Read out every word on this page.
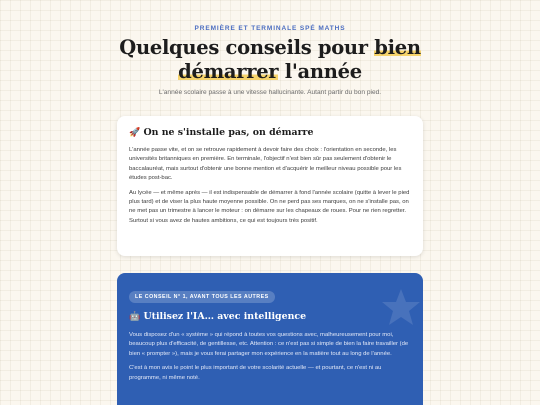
PREMIÈRE ET TERMINALE SPÉ MATHS
Quelques conseils pour bien
démarrer l'année
L'année scolaire passe à une vitesse hallucinante. Autant partir du bon pied.
🚀 On ne s'installe pas, on démarre

L'année passe vite, et on se retrouve rapidement à devoir faire des choix : l'orientation en seconde, les universités britanniques en première. En terminale, l'objectif n'est bien sûr pas seulement d'obtenir le baccalauréat, mais surtout d'obtenir une bonne mention et d'acquérir le meilleur niveau possible pour les études post-bac.

Au lycée — et même après — il est indispensable de démarrer à fond l'année scolaire (quitte à lever le pied plus tard) et de viser la plus haute moyenne possible. On ne perd pas ses marques, on ne s'installe pas, on ne met pas un trimestre à lancer le moteur : on démarre sur les chapeaux de roues. Pour ne rien regretter. Surtout si vous avez de hautes ambitions, ce qui est toujours très positif.

LE CONSEIL N° 1, AVANT TOUS LES AUTRES
🤖 Utilisez l'IA… avec intelligence

Vous disposez d'un « système » qui répond à toutes vos questions avec, malheureusement pour moi, beaucoup plus d'efficacité, de gentillesse, etc. Attention : ce n'est pas si simple de bien la faire travailler (de bien « prompter »), mais je vous ferai partager mon expérience en la matière tout au long de l'année.

C'est à mon avis le point le plus important de votre scolarité actuelle — et pourtant, ce n'est ni au programme, ni même noté.
